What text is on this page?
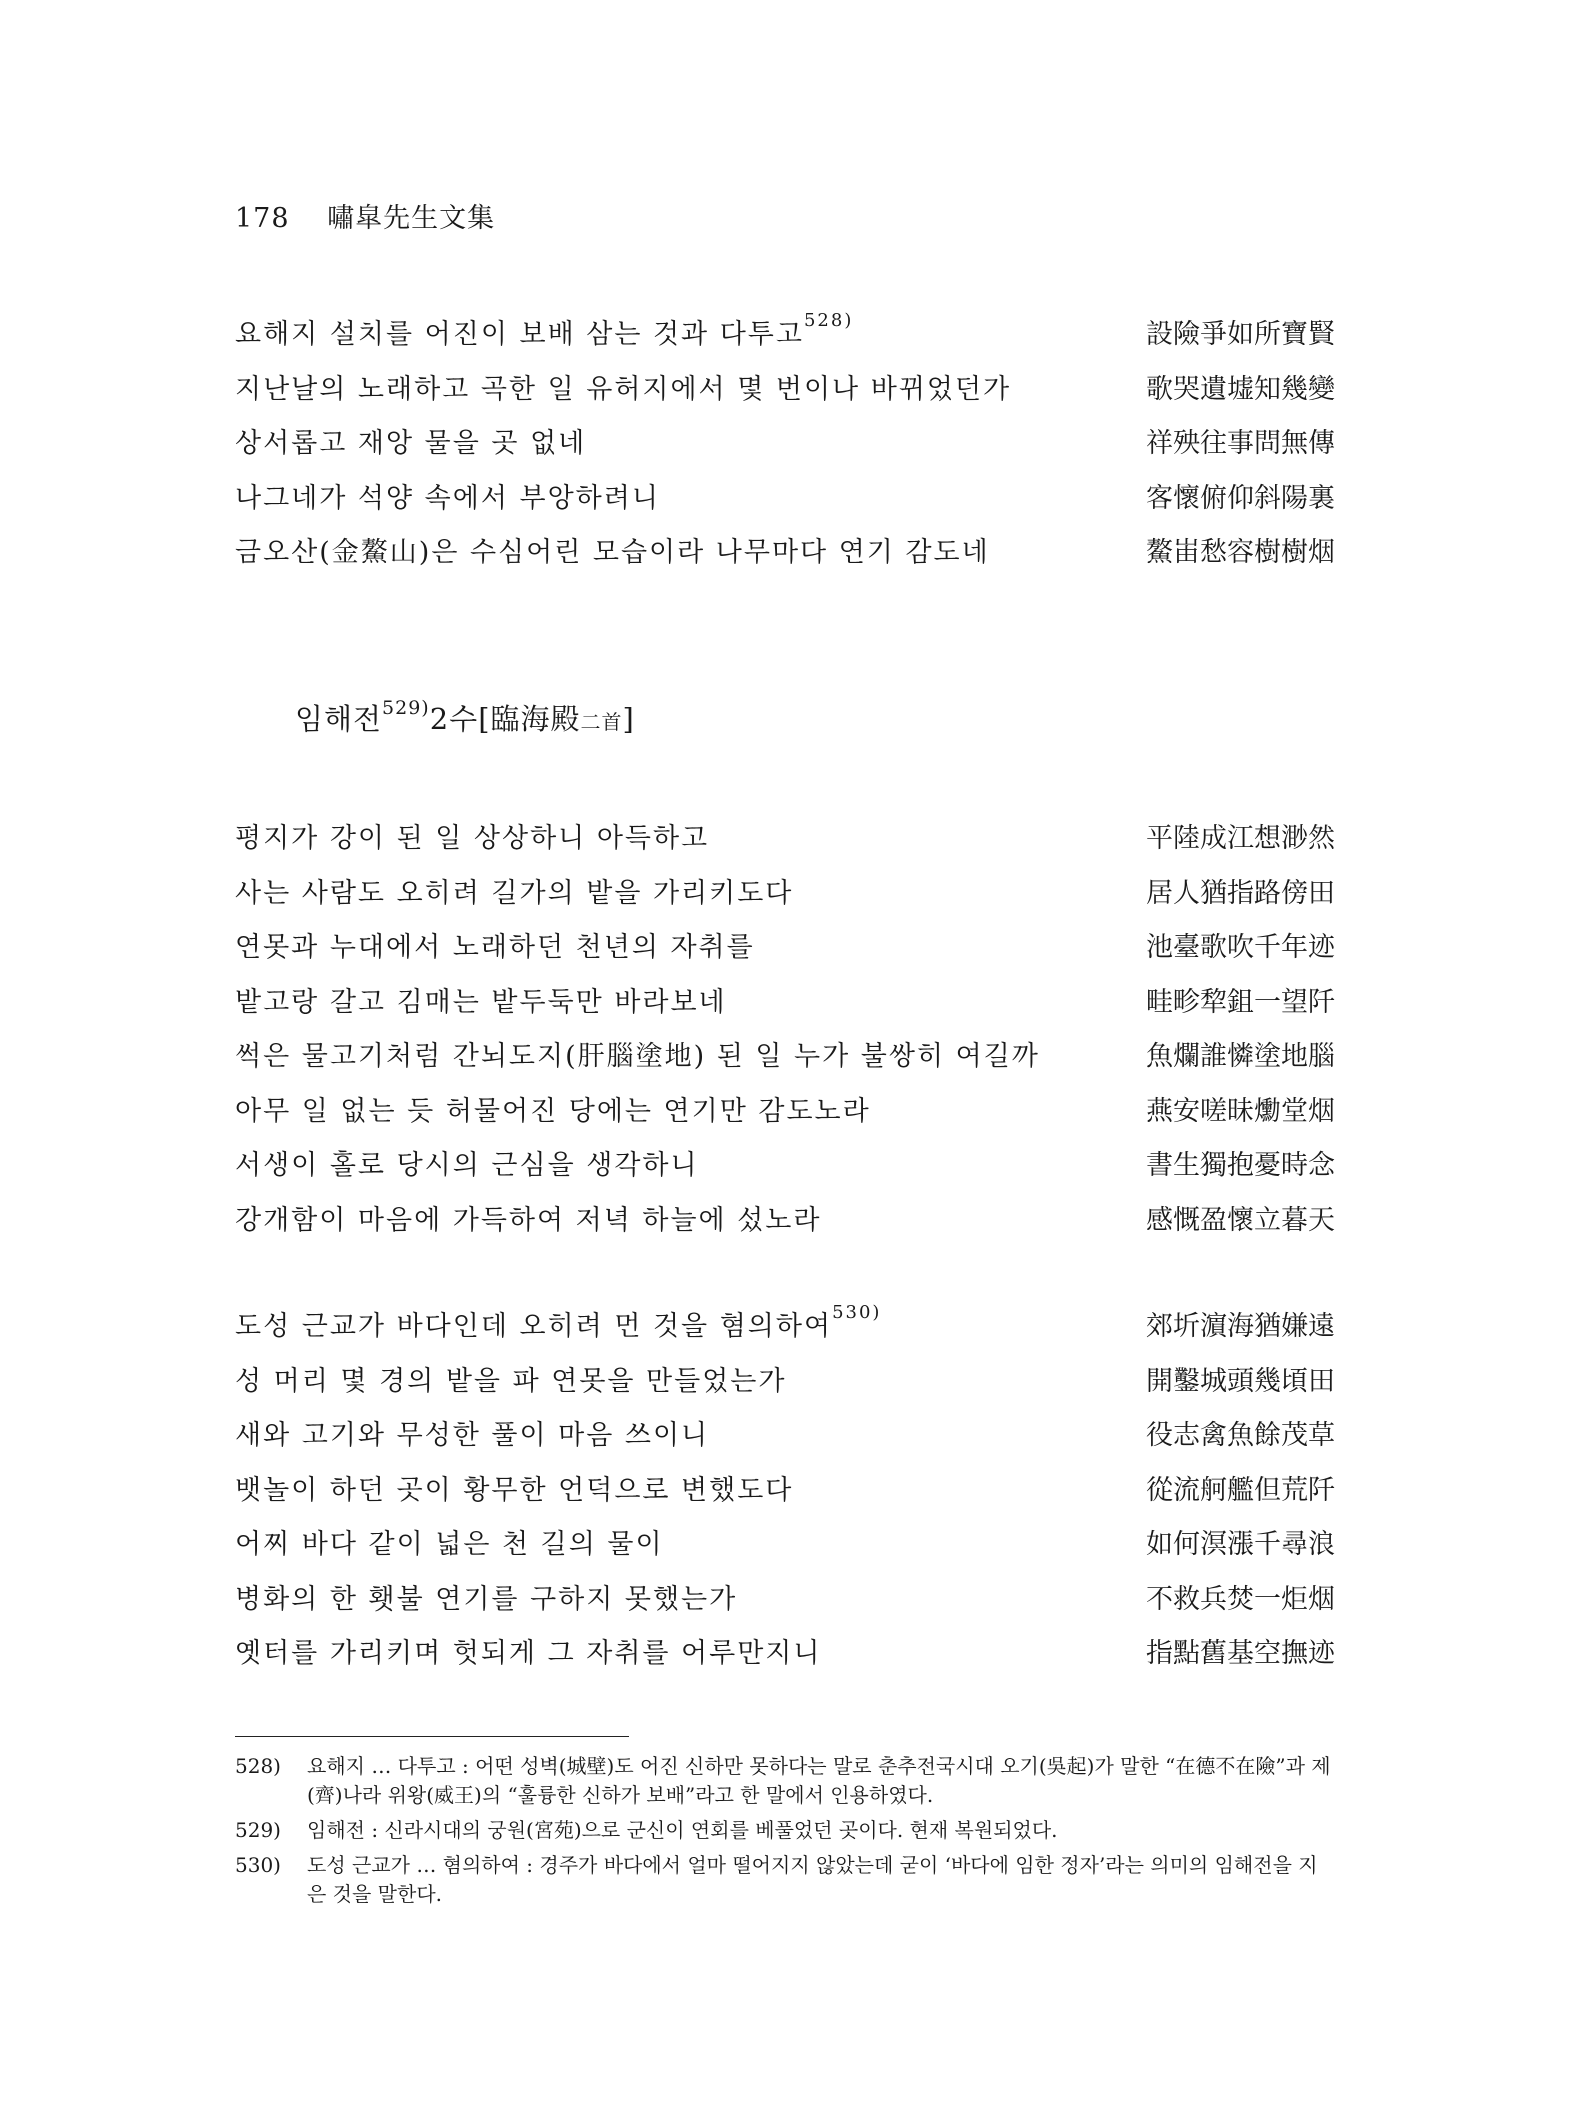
178 嘯皐先生文集
요해지 설치를 어진이 보배 삼는 것과 다투고$^{528)}$	設險爭如所寶賢
지난날의 노래하고 곡한 일 유허지에서 몇 번이나 바뀌었던가	歌哭遺墟知幾變
상서롭고 재앙 물을 곳 없네	祥殃往事問無傳
나그네가 석양 속에서 부앙하려니	客懷俯仰斜陽裏
금오산(金鰲山)은 수심어린 모습이라 나무마다 연기 감도네	鰲峀愁容樹樹烟
임해전$^{529)}$2수[臨海殿二首]
평지가 강이 된 일 상상하니 아득하고	平陸成江想渺然
사는 사람도 오히려 길가의 밭을 가리키도다	居人猶指路傍田
연못과 누대에서 노래하던 천년의 자취를	池臺歌吹千年迹
밭고랑 갈고 김매는 밭두둑만 바라보네	畦畛犂鉏一望阡
썩은 물고기처럼 간뇌도지(肝腦塗地) 된 일 누가 불쌍히 여길까	魚爛誰憐塗地腦
아무 일 없는 듯 허물어진 당에는 연기만 감도노라	燕安嗟昧爋堂烟
서생이 홀로 당시의 근심을 생각하니	書生獨抱憂時念
강개함이 마음에 가득하여 저녁 하늘에 섰노라	感慨盈懷立暮天
도성 근교가 바다인데 오히려 먼 것을 혐의하여$^{530)}$	郊圻濵海猶嫌遠
성 머리 몇 경의 밭을 파 연못을 만들었는가	開鑿城頭幾頃田
새와 고기와 무성한 풀이 마음 쓰이니	役志禽魚餘茂草
뱃놀이 하던 곳이 황무한 언덕으로 변했도다	從流舸艦但荒阡
어찌 바다 같이 넓은 천 길의 물이	如何溟漲千尋浪
병화의 한 횃불 연기를 구하지 못했는가	不救兵焚一炬烟
옛터를 가리키며 헛되게 그 자취를 어루만지니	指點舊基空撫迹
528) 요해지 … 다투고 : 어떤 성벽(城壁)도 어진 신하만 못하다는 말로 춘추전국시대 오기(吳起)가 말한 “在德不在險”과 제(齊)나라 위왕(威王)의 “훌륭한 신하가 보배”라고 한 말에서 인용하였다.
529) 임해전 : 신라시대의 궁원(宮苑)으로 군신이 연회를 베풀었던 곳이다. 현재 복원되었다.
530) 도성 근교가 … 혐의하여 : 경주가 바다에서 얼마 떨어지지 않았는데 굳이 ‘바다에 임한 정자’라는 의미의 임해전을 지은 것을 말한다.
